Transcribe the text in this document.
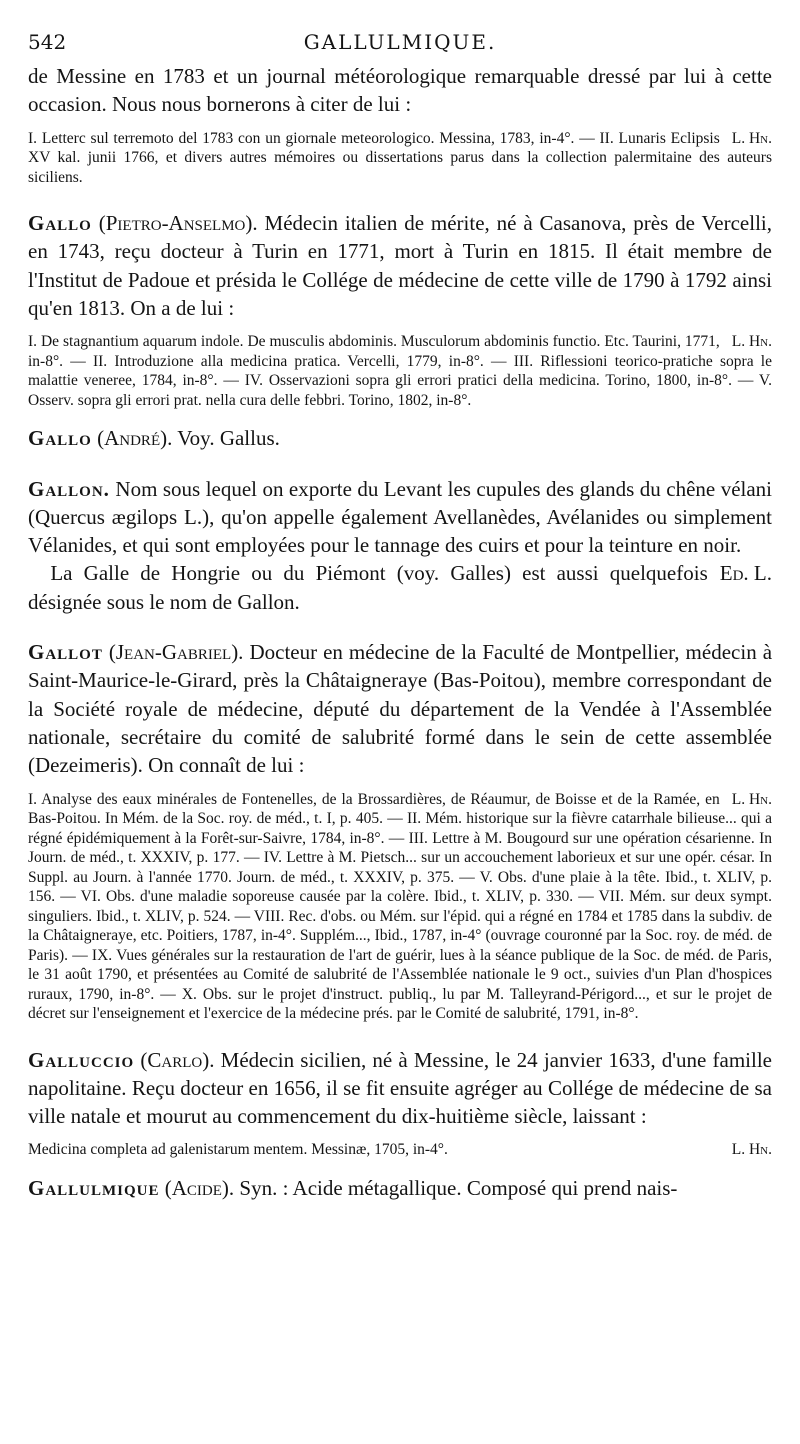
542	GALLULMIQUE.

de Messine en 1783 et un journal météorologique remarquable dressé par lui à cette occasion. Nous nous bornerons à citer de lui :

L. Hn.
I. Letterc sul terremoto del 1783 con un giornale meteorologico. Messina, 1783, in-4°. — II. Lunaris Eclipsis XV kal. junii 1766, et divers autres mémoires ou dissertations parus dans la collection palermitaine des auteurs siciliens.

Gallo (Pietro-Anselmo). Médecin italien de mérite, né à Casanova, près de Vercelli, en 1743, reçu docteur à Turin en 1771, mort à Turin en 1815. Il était membre de l'Institut de Padoue et présida le Collége de médecine de cette ville de 1790 à 1792 ainsi qu'en 1813. On a de lui :

L. Hn.
I. De stagnantium aquarum indole. De musculis abdominis. Musculorum abdominis functio. Etc. Taurini, 1771, in-8°. — II. Introduzione alla medicina pratica. Vercelli, 1779, in-8°. — III. Riflessioni teorico-pratiche sopra le malattie veneree, 1784, in-8°. — IV. Osservazioni sopra gli errori pratici della medicina. Torino, 1800, in-8°. — V. Osserv. sopra gli errori prat. nella cura delle febbri. Torino, 1802, in-8°.

Gallo (André). Voy. Gallus.

Gallon. Nom sous lequel on exporte du Levant les cupules des glands du chêne vélani (Quercus ægilops L.), qu'on appelle également Avellanèdes, Avélanides ou simplement Vélanides, et qui sont employées pour le tannage des cuirs et pour la teinture en noir.

Ed. L.
La Galle de Hongrie ou du Piémont (voy. Galles) est aussi quelquefois désignée sous le nom de Gallon.

Gallot (Jean-Gabriel). Docteur en médecine de la Faculté de Montpellier, médecin à Saint-Maurice-le-Girard, près la Châtaigneraye (Bas-Poitou), membre correspondant de la Société royale de médecine, député du département de la Vendée à l'Assemblée nationale, secrétaire du comité de salubrité formé dans le sein de cette assemblée (Dezeimeris). On connaît de lui :

L. Hn.
I. Analyse des eaux minérales de Fontenelles, de la Brossardières, de Réaumur, de Boisse et de la Ramée, en Bas-Poitou. In Mém. de la Soc. roy. de méd., t. I, p. 405. — II. Mém. historique sur la fièvre catarrhale bilieuse... qui a régné épidémiquement à la Forêt-sur-Saivre, 1784, in-8°. — III. Lettre à M. Bougourd sur une opération césarienne. In Journ. de méd., t. XXXIV, p. 177. — IV. Lettre à M. Pietsch... sur un accouchement laborieux et sur une opér. césar. In Suppl. au Journ. à l'année 1770. Journ. de méd., t. XXXIV, p. 375. — V. Obs. d'une plaie à la tête. Ibid., t. XLIV, p. 156. — VI. Obs. d'une maladie soporeuse causée par la colère. Ibid., t. XLIV, p. 330. — VII. Mém. sur deux sympt. singuliers. Ibid., t. XLIV, p. 524. — VIII. Rec. d'obs. ou Mém. sur l'épid. qui a régné en 1784 et 1785 dans la subdiv. de la Châtaigneraye, etc. Poitiers, 1787, in-4°. Supplém..., Ibid., 1787, in-4° (ouvrage couronné par la Soc. roy. de méd. de Paris). — IX. Vues générales sur la restauration de l'art de guérir, lues à la séance publique de la Soc. de méd. de Paris, le 31 août 1790, et présentées au Comité de salubrité de l'Assemblée nationale le 9 oct., suivies d'un Plan d'hospices ruraux, 1790, in-8°. — X. Obs. sur le projet d'instruct. publiq., lu par M. Talleyrand-Périgord..., et sur le projet de décret sur l'enseignement et l'exercice de la médecine prés. par le Comité de salubrité, 1791, in-8°.

Galluccio (Carlo). Médecin sicilien, né à Messine, le 24 janvier 1633, d'une famille napolitaine. Reçu docteur en 1656, il se fit ensuite agréger au Collége de médecine de sa ville natale et mourut au commencement du dix-huitième siècle, laissant :

L. Hn.
Medicina completa ad galenistarum mentem. Messinæ, 1705, in-4°.

Gallulmique (Acide). Syn. : Acide métagallique. Composé qui prend nais-
